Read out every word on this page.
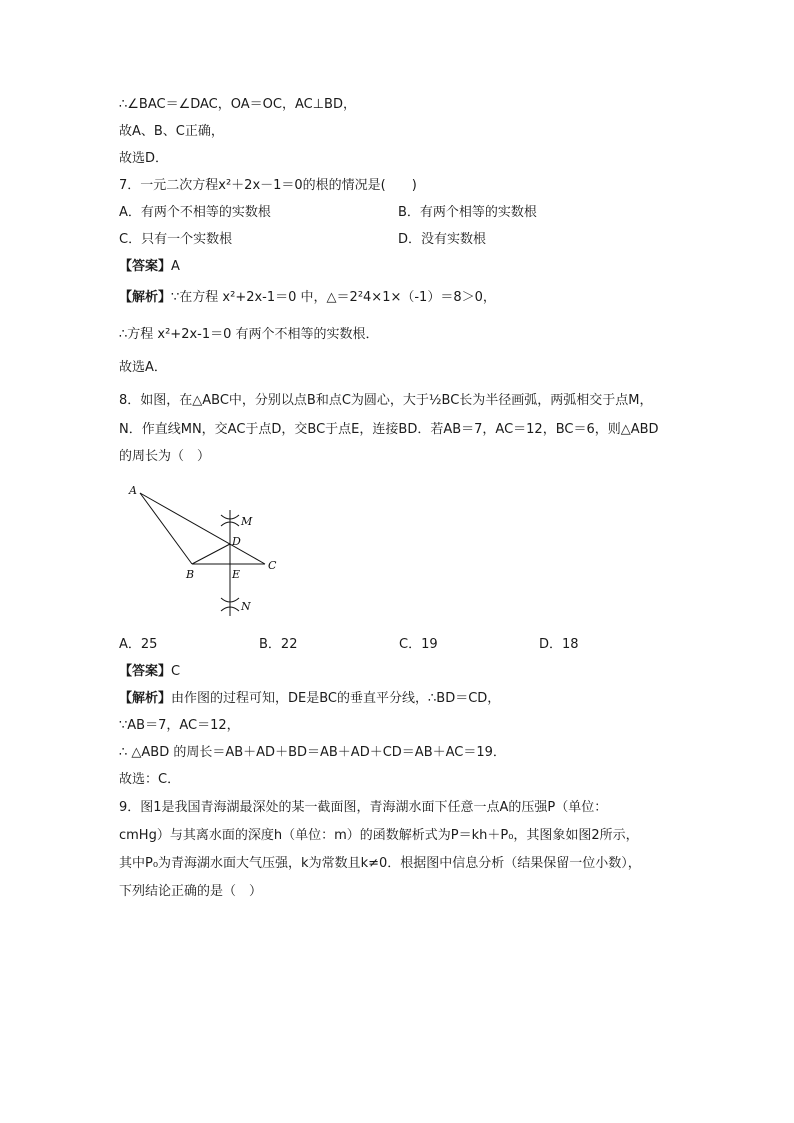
∴∠BAC＝∠DAC，OA＝OC，AC⊥BD，
故A、B、C正确，
故选D．
7．一元二次方程x²＋2x－1＝0的根的情况是(　　)
A．有两个不相等的实数根	B．有两个相等的实数根
C．只有一个实数根	D．没有实数根
【答案】A
【解析】∵在方程 x²+2x-1＝0 中，△＝2²4×1×（-1）＝8＞0，
∴方程 x²+2x-1＝0 有两个不相等的实数根．
故选A．
8．如图，在△ABC中，分别以点B和点C为圆心，大于½BC长为半径画弧，两弧相交于点M，
N．作直线MN，交AC于点D，交BC于点E，连接BD．若AB＝7，AC＝12，BC＝6，则△ABD
的周长为（　）
A
B
C
D
E
M
N
A．25	B．22	C．19	D．18
【答案】C
【解析】由作图的过程可知，DE是BC的垂直平分线，∴BD＝CD，
∵AB＝7，AC＝12，
∴ △ABD 的周长＝AB＋AD＋BD＝AB＋AD＋CD＝AB＋AC＝19．
故选：C．
9．图1是我国青海湖最深处的某一截面图，青海湖水面下任意一点A的压强P（单位：
cmHg）与其离水面的深度h（单位：m）的函数解析式为P＝kh＋P₀，其图象如图2所示，
其中P₀为青海湖水面大气压强，k为常数且k≠0．根据图中信息分析（结果保留一位小数），
下列结论正确的是（　）
